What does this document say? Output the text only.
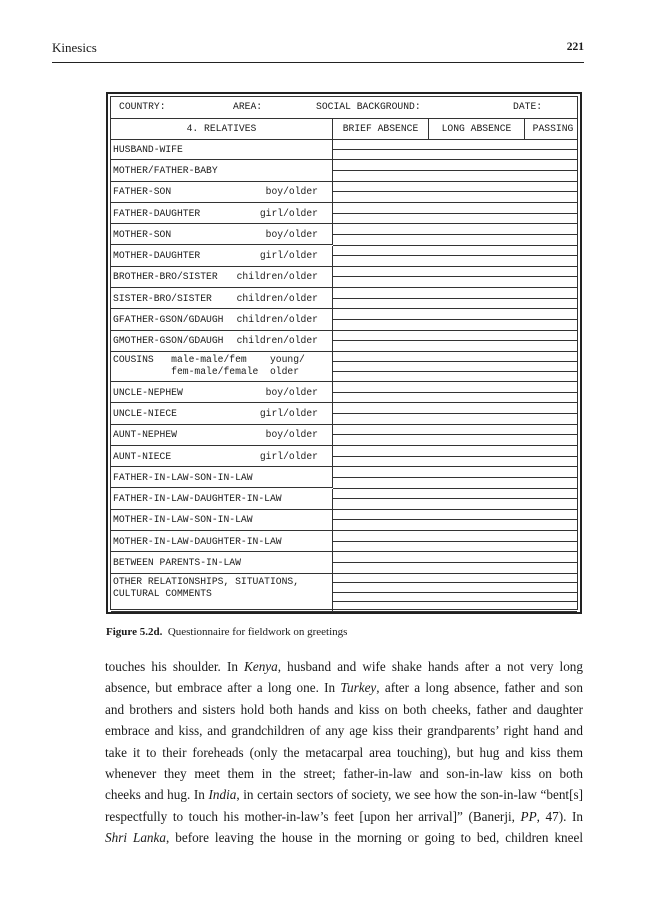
Kinesics	221
COUNTRY:	AREA:	SOCIAL BACKGROUND:	DATE:
4. RELATIVES	BRIEF ABSENCE	LONG ABSENCE	PASSING
HUSBAND-WIFE
MOTHER/FATHER-BABY
FATHER-SON	boy/older
FATHER-DAUGHTER	girl/older
MOTHER-SON	boy/older
MOTHER-DAUGHTER	girl/older
BROTHER-BRO/SISTER children/older
SISTER-BRO/SISTER	children/older
GFATHER-GSON/GDAUGH children/older
GMOTHER-GSON/GDAUGH children/older
COUSINS   male-male/fem    young/
fem-male/female  older
UNCLE-NEPHEW	boy/older
UNCLE-NIECE	girl/older
AUNT-NEPHEW	boy/older
AUNT-NIECE	girl/older
FATHER-IN-LAW-SON-IN-LAW
FATHER-IN-LAW-DAUGHTER-IN-LAW
MOTHER-IN-LAW-SON-IN-LAW
MOTHER-IN-LAW-DAUGHTER-IN-LAW
BETWEEN PARENTS-IN-LAW
OTHER RELATIONSHIPS, SITUATIONS,
CULTURAL COMMENTS
Figure 5.2d. Questionnaire for fieldwork on greetings
touches his shoulder. In Kenya, husband and wife shake hands after a not very long
absence, but embrace after a long one. In Turkey, after a long absence, father and son
and brothers and sisters hold both hands and kiss on both cheeks, father and daughter
embrace and kiss, and grandchildren of any age kiss their grandparents’ right hand and
take it to their foreheads (only the metacarpal area touching), but hug and kiss them
whenever they meet them in the street; father-in-law and son-in-law kiss on both
cheeks and hug. In India, in certain sectors of society, we see how the son-in-law “bent[s]
respectfully to touch his mother-in-law’s feet [upon her arrival]” (Banerji, PP, 47). In
Shri Lanka, before leaving the house in the morning or going to bed, children kneel
